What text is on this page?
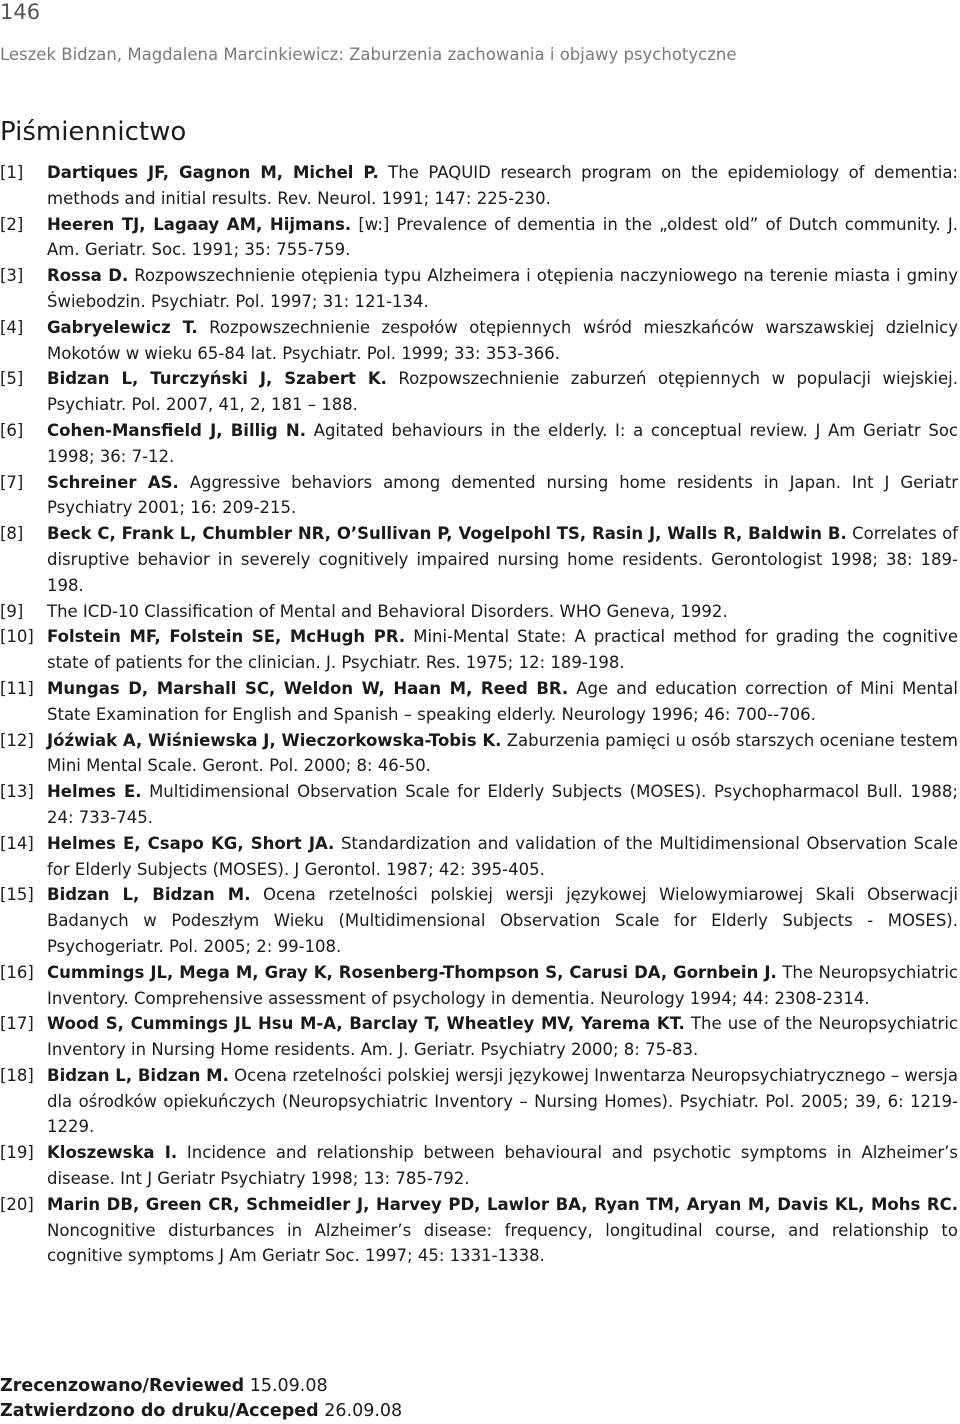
146
Leszek Bidzan, Magdalena Marcinkiewicz: Zaburzenia zachowania i objawy psychotyczne
Piśmiennictwo
[1]	Dartiques JF, Gagnon M, Michel P. The PAQUID research program on the epidemiology of dementia: methods and initial results. Rev. Neurol. 1991; 147: 225-230.
[2]	Heeren TJ, Lagaay AM, Hijmans. [w:] Prevalence of dementia in the „oldest old” of Dutch community. J. Am. Geriatr. Soc. 1991; 35: 755-759.
[3]	Rossa D. Rozpowszechnienie otępienia typu Alzheimera i otępienia naczyniowego na terenie miasta i gminy Świebodzin. Psychiatr. Pol. 1997; 31: 121-134.
[4]	Gabryelewicz T. Rozpowszechnienie zespołów otępiennych wśród mieszkańców warszawskiej dzielnicy Mokotów w wieku 65-84 lat. Psychiatr. Pol. 1999; 33: 353-366.
[5]	Bidzan L, Turczyński J, Szabert K. Rozpowszechnienie zaburzeń otępiennych w populacji wiejskiej. Psychiatr. Pol. 2007, 41, 2, 181 – 188.
[6]	Cohen-Mansfield J, Billig N. Agitated behaviours in the elderly. I: a conceptual review. J Am Geriatr Soc 1998; 36: 7-12.
[7]	Schreiner AS. Aggressive behaviors among demented nursing home residents in Japan. Int J Geriatr Psychiatry 2001; 16: 209-215.
[8]	Beck C, Frank L, Chumbler NR, O’Sullivan P, Vogelpohl TS, Rasin J, Walls R, Baldwin B. Correlates of disruptive behavior in severely cognitively impaired nursing home residents. Gerontologist 1998; 38: 189-198.
[9]	The ICD-10 Classification of Mental and Behavioral Disorders. WHO Geneva, 1992.
[10] Folstein MF, Folstein SE, McHugh PR. Mini-Mental State: A practical method for grading the cognitive state of patients for the clinician. J. Psychiatr. Res. 1975; 12: 189-198.
[11] Mungas D, Marshall SC, Weldon W, Haan M, Reed BR. Age and education correction of Mini Mental State Examination for English and Spanish – speaking elderly. Neurology 1996; 46: 700--706.
[12] Jóźwiak A, Wiśniewska J, Wieczorkowska-Tobis K. Zaburzenia pamięci u osób starszych oceniane testem Mini Mental Scale. Geront. Pol. 2000; 8: 46-50.
[13] Helmes E. Multidimensional Observation Scale for Elderly Subjects (MOSES). Psychopharmacol Bull. 1988; 24: 733-745.
[14] Helmes E, Csapo KG, Short JA. Standardization and validation of the Multidimensional Observation Scale for Elderly Subjects (MOSES). J Gerontol. 1987; 42: 395-405.
[15] Bidzan L, Bidzan M. Ocena rzetelności polskiej wersji językowej Wielowymiarowej Skali Obserwacji Badanych w Podeszłym Wieku (Multidimensional Observation Scale for Elderly Subjects - MOSES). Psychogeriatr. Pol. 2005; 2: 99-108.
[16] Cummings JL, Mega M, Gray K, Rosenberg-Thompson S, Carusi DA, Gornbein J. The Neuropsychiatric Inventory. Comprehensive assessment of psychology in dementia. Neurology 1994; 44: 2308-2314.
[17] Wood S, Cummings JL Hsu M-A, Barclay T, Wheatley MV, Yarema KT. The use of the Neuropsychiatric Inventory in Nursing Home residents. Am. J. Geriatr. Psychiatry 2000; 8: 75-83.
[18] Bidzan L, Bidzan M. Ocena rzetelności polskiej wersji językowej Inwentarza Neuropsychiatrycznego – wersja dla ośrodków opiekuńczych (Neuropsychiatric Inventory – Nursing Homes). Psychiatr. Pol. 2005; 39, 6: 1219-1229.
[19] Kloszewska I. Incidence and relationship between behavioural and psychotic symptoms in Alzheimer’s disease. Int J Geriatr Psychiatry 1998; 13: 785-792.
[20] Marin DB, Green CR, Schmeidler J, Harvey PD, Lawlor BA, Ryan TM, Aryan M, Davis KL, Mohs RC. Noncognitive disturbances in Alzheimer’s disease: frequency, longitudinal course, and relationship to cognitive symptoms J Am Geriatr Soc. 1997; 45: 1331-1338.
Zrecenzowano/Reviewed 15.09.08
Zatwierdzono do druku/Acceped 26.09.08
